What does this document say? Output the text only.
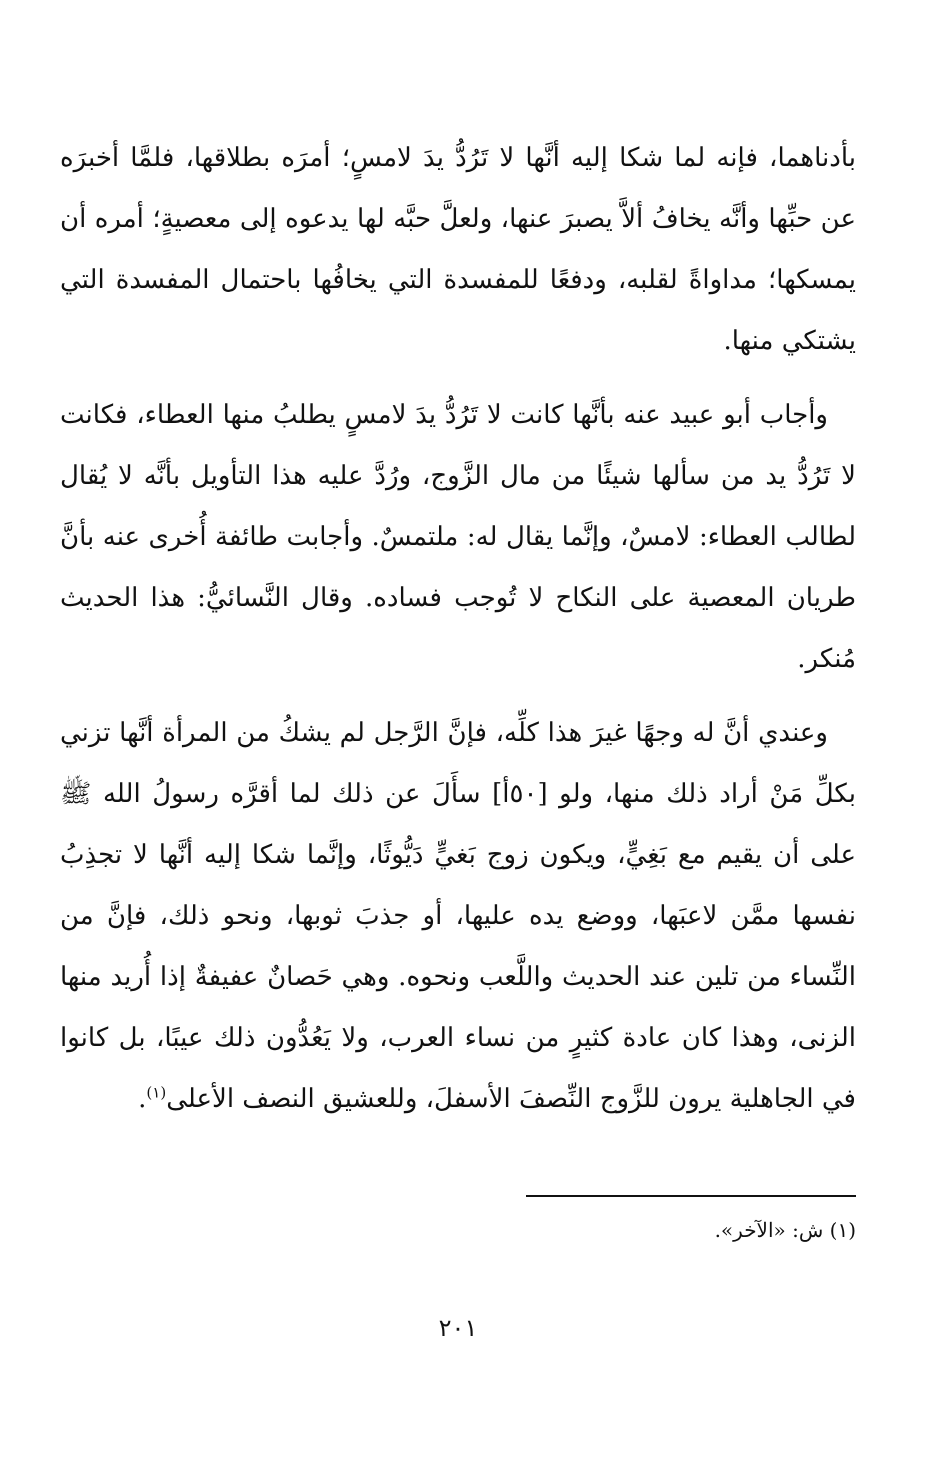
بأدناهما، فإنه لما شكا إليه أنَّها لا تَرُدُّ يدَ لامسٍ؛ أمرَه بطلاقها، فلمَّا أخبرَه عن حبِّها وأنَّه يخافُ ألاَّ يصبرَ عنها، ولعلَّ حبَّه لها يدعوه إلى معصيةٍ؛ أمره أن يمسكها؛ مداواةً لقلبه، ودفعًا للمفسدة التي يخافُها باحتمال المفسدة التي يشتكي منها.

وأجاب أبو عبيد عنه بأنَّها كانت لا تَرُدُّ يدَ لامسٍ يطلبُ منها العطاء، فكانت لا تَرُدُّ يد من سألها شيئًا من مال الزَّوج، ورُدَّ عليه هذا التأويل بأنَّه لا يُقال لطالب العطاء: لامسٌ، وإنَّما يقال له: ملتمسٌ. وأجابت طائفة أُخرى عنه بأنَّ طريان المعصية على النكاح لا تُوجب فساده. وقال النَّسائيُّ: هذا الحديث مُنكر.

وعندي أنَّ له وجهًا غيرَ هذا كلِّه، فإنَّ الرَّجل لم يشكُ من المرأة أنَّها تزني بكلِّ مَنْ أراد ذلك منها، ولو [٥٠أ] سأَلَ عن ذلك لما أقرَّه رسولُ الله ﷺ على أن يقيم مع بَغِيٍّ، ويكون زوج بَغيٍّ دَيُّوثًا، وإنَّما شكا إليه أنَّها لا تجذِبُ نفسها ممَّن لاعبَها، ووضع يده عليها، أو جذبَ ثوبها، ونحو ذلك، فإنَّ من النِّساء من تلين عند الحديث واللَّعب ونحوه. وهي حَصانٌ عفيفةٌ إذا أُريد منها الزنى، وهذا كان عادة كثيرٍ من نساء العرب، ولا يَعُدُّون ذلك عيبًا، بل كانوا في الجاهلية يرون للزَّوج النِّصفَ الأسفلَ، وللعشيق النصف الأعلى$^{(١)}$.

(١) ش: «الآخر».

٢٠١
